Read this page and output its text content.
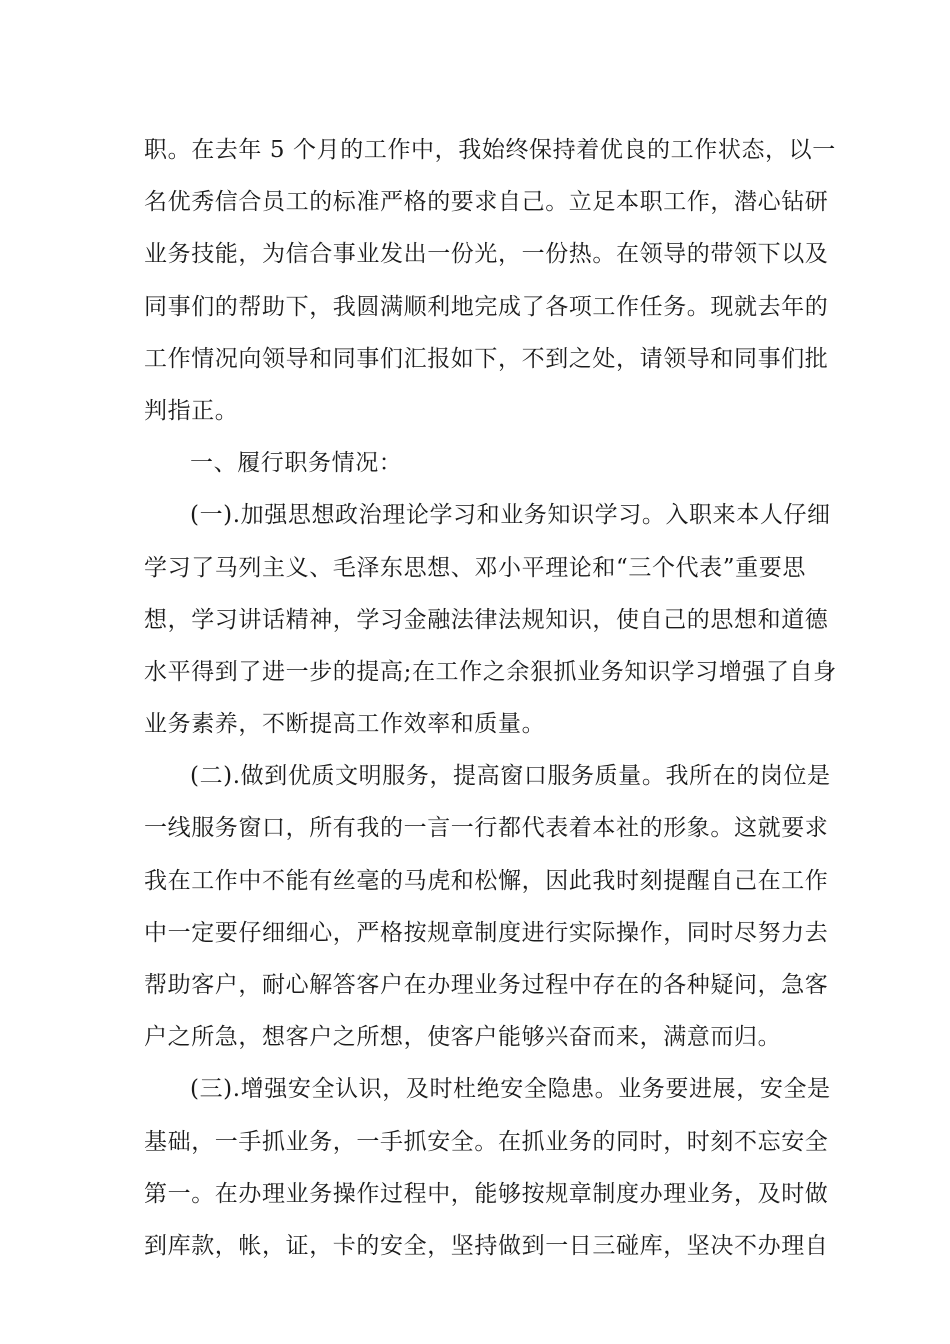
职。在去年 5 个月的工作中，我始终保持着优良的工作状态，以一
名优秀信合员工的标准严格的要求自己。立足本职工作，潜心钻研
业务技能，为信合事业发出一份光，一份热。在领导的带领下以及
同事们的帮助下，我圆满顺利地完成了各项工作任务。现就去年的
工作情况向领导和同事们汇报如下，不到之处，请领导和同事们批
判指正。
一、履行职务情况：
(一).加强思想政治理论学习和业务知识学习。入职来本人仔细
学习了马列主义、毛泽东思想、邓小平理论和“三个代表”重要思
想，学习讲话精神，学习金融法律法规知识，使自己的思想和道德
水平得到了进一步的提高;在工作之余狠抓业务知识学习增强了自身
业务素养，不断提高工作效率和质量。
(二).做到优质文明服务，提高窗口服务质量。我所在的岗位是
一线服务窗口，所有我的一言一行都代表着本社的形象。这就要求
我在工作中不能有丝毫的马虎和松懈，因此我时刻提醒自己在工作
中一定要仔细细心，严格按规章制度进行实际操作，同时尽努力去
帮助客户，耐心解答客户在办理业务过程中存在的各种疑问，急客
户之所急，想客户之所想，使客户能够兴奋而来，满意而归。
(三).增强安全认识，及时杜绝安全隐患。业务要进展，安全是
基础，一手抓业务，一手抓安全。在抓业务的同时，时刻不忘安全
第一。在办理业务操作过程中，能够按规章制度办理业务，及时做
到库款，帐，证，卡的安全，坚持做到一日三碰库，坚决不办理自
